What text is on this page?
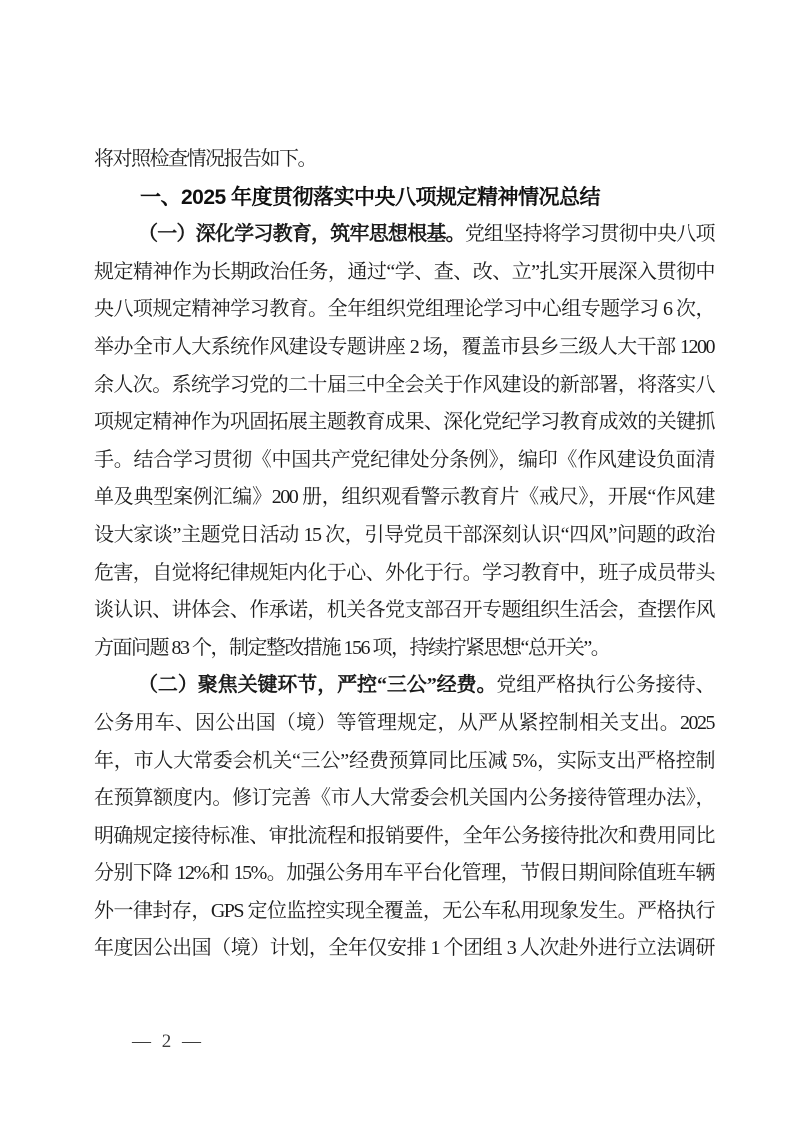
将对照检查情况报告如下。
一、2025 年度贯彻落实中央八项规定精神情况总结
（一）深化学习教育，筑牢思想根基。党组坚持将学习贯彻中央八项
规定精神作为长期政治任务，通过“学、查、改、立”扎实开展深入贯彻中
央八项规定精神学习教育。全年组织党组理论学习中心组专题学习 6 次，
举办全市人大系统作风建设专题讲座 2 场，覆盖市县乡三级人大干部 1200
余人次。系统学习党的二十届三中全会关于作风建设的新部署，将落实八
项规定精神作为巩固拓展主题教育成果、深化党纪学习教育成效的关键抓
手。结合学习贯彻《中国共产党纪律处分条例》，编印《作风建设负面清
单及典型案例汇编》200 册，组织观看警示教育片《戒尺》，开展“作风建
设大家谈”主题党日活动 15 次，引导党员干部深刻认识“四风”问题的政治
危害，自觉将纪律规矩内化于心、外化于行。学习教育中，班子成员带头
谈认识、讲体会、作承诺，机关各党支部召开专题组织生活会，查摆作风
方面问题 83 个，制定整改措施 156 项，持续拧紧思想“总开关”。
（二）聚焦关键环节，严控“三公”经费。党组严格执行公务接待、
公务用车、因公出国（境）等管理规定，从严从紧控制相关支出。2025
年，市人大常委会机关“三公”经费预算同比压减 5%，实际支出严格控制
在预算额度内。修订完善《市人大常委会机关国内公务接待管理办法》，
明确规定接待标准、审批流程和报销要件，全年公务接待批次和费用同比
分别下降 12%和 15%。加强公务用车平台化管理，节假日期间除值班车辆
外一律封存，GPS 定位监控实现全覆盖，无公车私用现象发生。严格执行
年度因公出国（境）计划，全年仅安排 1 个团组 3 人次赴外进行立法调研
— 2 —
